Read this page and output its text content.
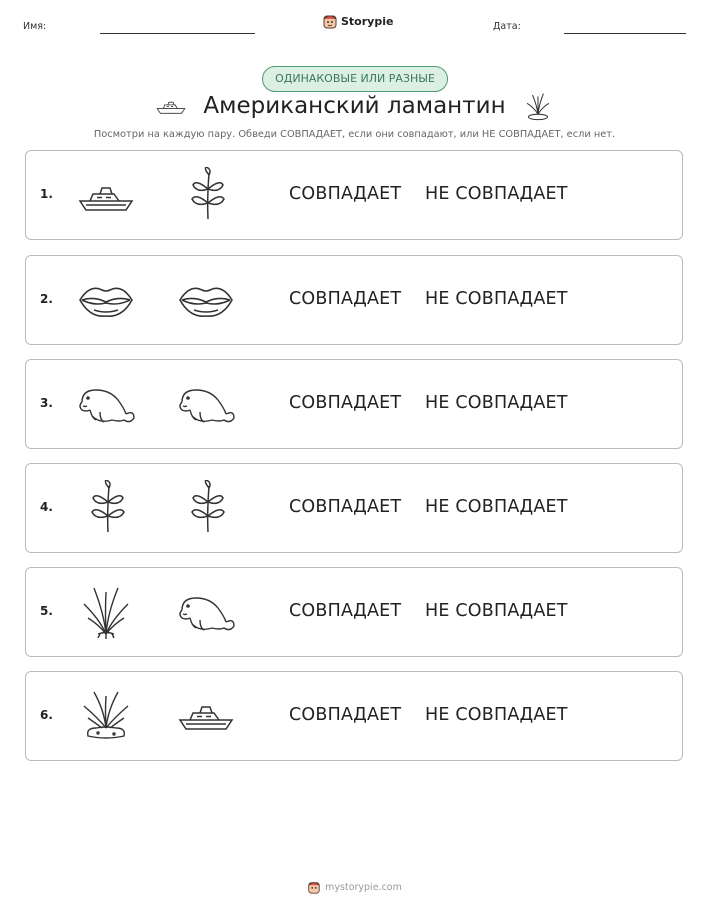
Имя:	Storypie	Дата:
ОДИНАКОВЫЕ ИЛИ РАЗНЫЕ
Американский ламантин
Посмотри на каждую пару. Обведи СОВПАДАЕТ, если они совпадают, или НЕ СОВПАДАЕТ, если нет.
1.	СОВПАДАЕТ НЕ СОВПАДАЕТ
2.	СОВПАДАЕТ НЕ СОВПАДАЕТ
3.	СОВПАДАЕТ НЕ СОВПАДАЕТ
4.	СОВПАДАЕТ НЕ СОВПАДАЕТ
5.	СОВПАДАЕТ НЕ СОВПАДАЕТ
6.	СОВПАДАЕТ НЕ СОВПАДАЕТ
mystorypie.com
